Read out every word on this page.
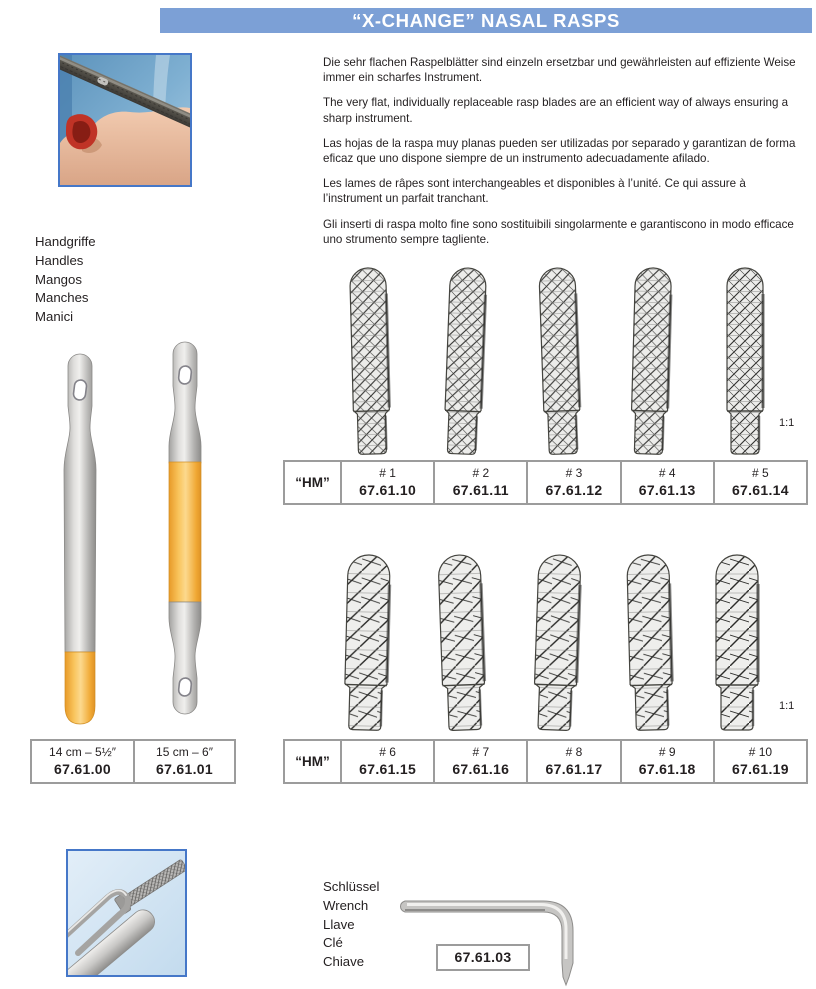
“X-CHANGE” NASAL RASPS

Die sehr flachen Raspelblätter sind einzeln ersetzbar und gewährleisten auf effiziente Weise immer ein scharfes Instrument.

The very flat, individually replaceable rasp blades are an efficient way of always ensuring a sharp instrument.

Las hojas de la raspa muy planas pueden ser utilizadas por separado y garantizan de forma eficaz que uno dispone siempre de un instrumento adecuadamente afilado.

Les lames de râpes sont interchangeables et disponibles à l’unité. Ce qui assure à l’instrument un parfait tranchant.

Gli inserti di raspa molto fine sono sostituibili singolarmente e garantiscono in modo efficace uno strumento sempre tagliente.

Handgriffe
Handles
Mangos
Manches
Manici
1:1
“HM”
# 1
67.61.10
# 2
67.61.11
# 3
67.61.12
# 4
67.61.13
# 5
67.61.14
1:1
“HM”
# 6
67.61.15
# 7
67.61.16
# 8
67.61.17
# 9
67.61.18
# 10
67.61.19
14 cm – 5½″
67.61.00
15 cm – 6″
67.61.01
Schlüssel
Wrench
Llave
Clé
Chiave	67.61.03
